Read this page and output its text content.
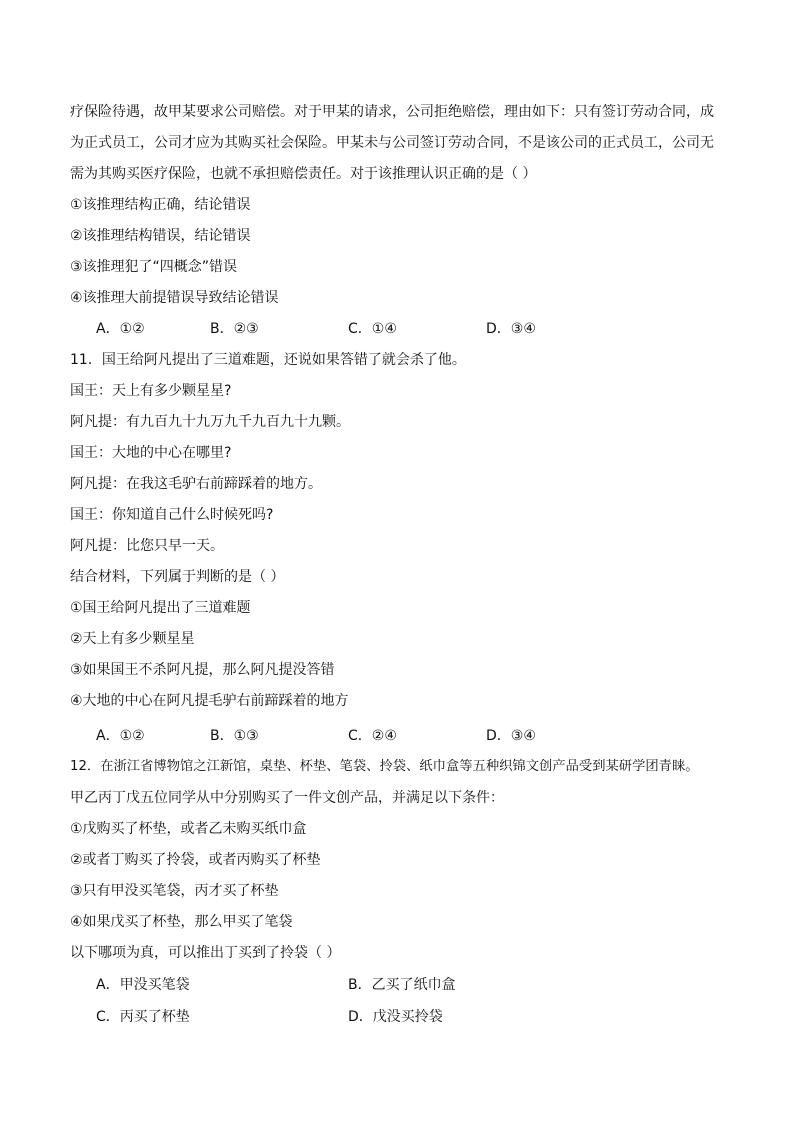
疗保险待遇，故甲某要求公司赔偿。对于甲某的请求，公司拒绝赔偿，理由如下：只有签订劳动合同，成
为正式员工，公司才应为其购买社会保险。甲某未与公司签订劳动合同，不是该公司的正式员工，公司无
需为其购买医疗保险，也就不承担赔偿责任。对于该推理认识正确的是（ ）
①该推理结构正确，结论错误
②该推理结构错误，结论错误
③该推理犯了“四概念”错误
④该推理大前提错误导致结论错误
A．①②	B．②③	C．①④	D．③④
11．国王给阿凡提出了三道难题，还说如果答错了就会杀了他。
国王：天上有多少颗星星?
阿凡提：有九百九十九万九千九百九十九颗。
国王：大地的中心在哪里?
阿凡提：在我这毛驴右前蹄踩着的地方。
国王：你知道自己什么时候死吗?
阿凡提：比您只早一天。
结合材料，下列属于判断的是（ ）
①国王给阿凡提出了三道难题
②天上有多少颗星星
③如果国王不杀阿凡提，那么阿凡提没答错
④大地的中心在阿凡提毛驴右前蹄踩着的地方
A．①②	B．①③	C．②④	D．③④
12．在浙江省博物馆之江新馆，桌垫、杯垫、笔袋、拎袋、纸巾盒等五种织锦文创产品受到某研学团青睐。
甲乙丙丁戊五位同学从中分别购买了一件文创产品，并满足以下条件：
①戊购买了杯垫，或者乙未购买纸巾盒
②或者丁购买了拎袋，或者丙购买了杯垫
③只有甲没买笔袋，丙才买了杯垫
④如果戊买了杯垫，那么甲买了笔袋
以下哪项为真，可以推出丁买到了拎袋（ ）
A．甲没买笔袋	B．乙买了纸巾盒
C．丙买了杯垫	D．戊没买拎袋
